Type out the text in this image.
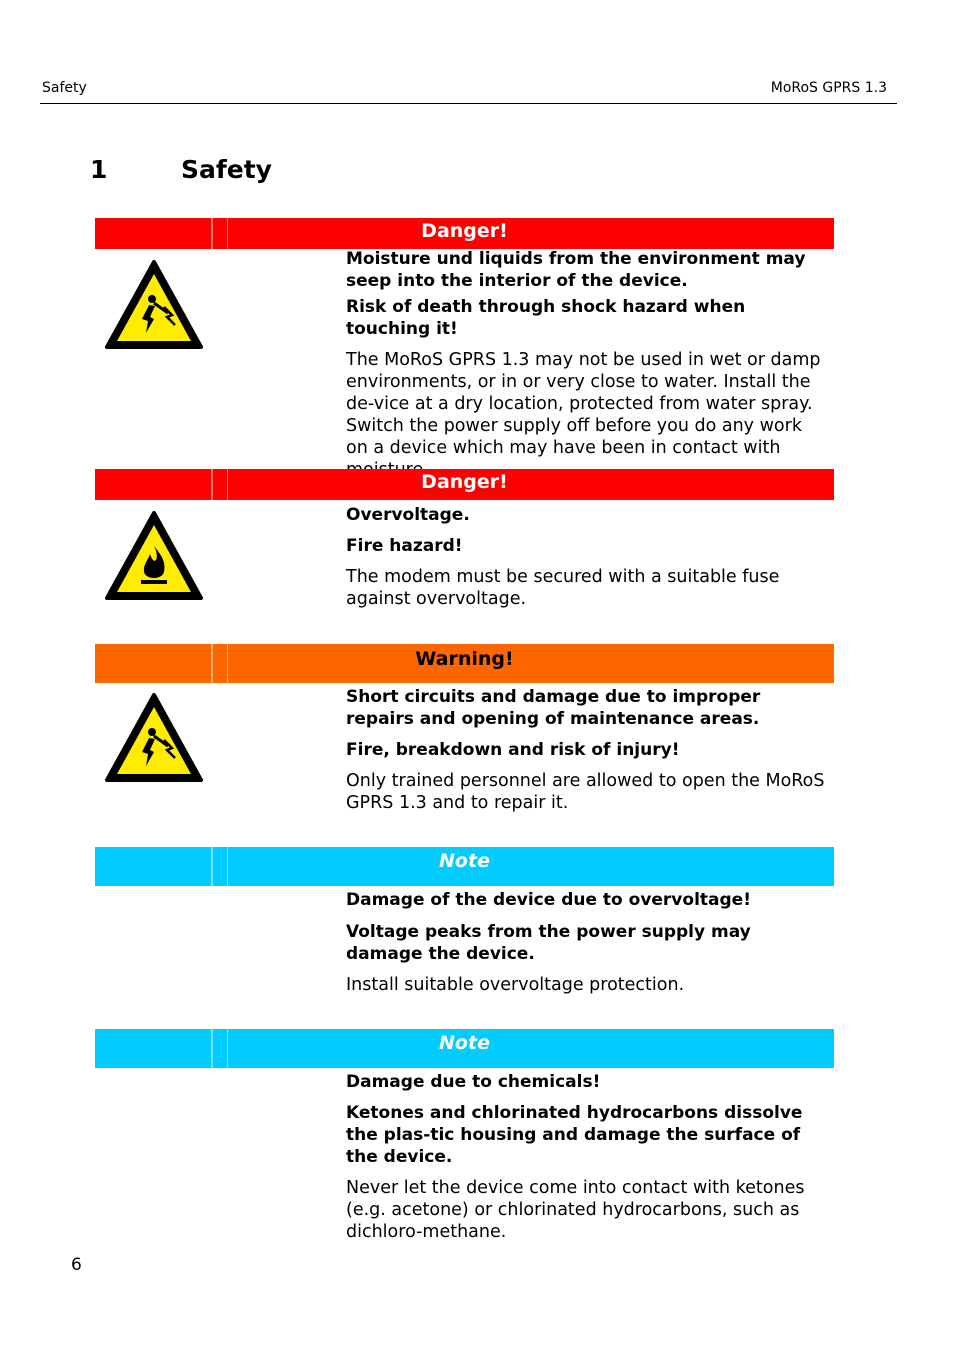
Safety	MoRoS GPRS 1.3
1	Safety
Danger!

Moisture und liquids from the environment may seep into the interior of the device.

Risk of death through shock hazard when touching it!

The MoRoS GPRS 1.3 may not be used in wet or damp environments, or in or very close to water. Install the de-vice at a dry location, protected from water spray. Switch the power supply off before you do any work on a device which may have been in contact with

Danger!

Overvoltage.

Fire hazard!

The modem must be secured with a suitable fuse against overvoltage.

Warning!

Short circuits and damage due to improper repairs and opening of maintenance areas.

Fire, breakdown and risk of injury!

Only trained personnel are allowed to open the MoRoS GPRS 1.3 and to repair it.

Note

Damage of the device due to overvoltage!

Voltage peaks from the power supply may damage the device.

Install suitable overvoltage protection.

Note

Damage due to chemicals!

Ketones and chlorinated hydrocarbons dissolve the plas-tic housing and damage the surface of the device.

Never let the device come into contact with ketones (e.g. acetone) or chlorinated hydrocarbons, such as dichloro-methane.

6
